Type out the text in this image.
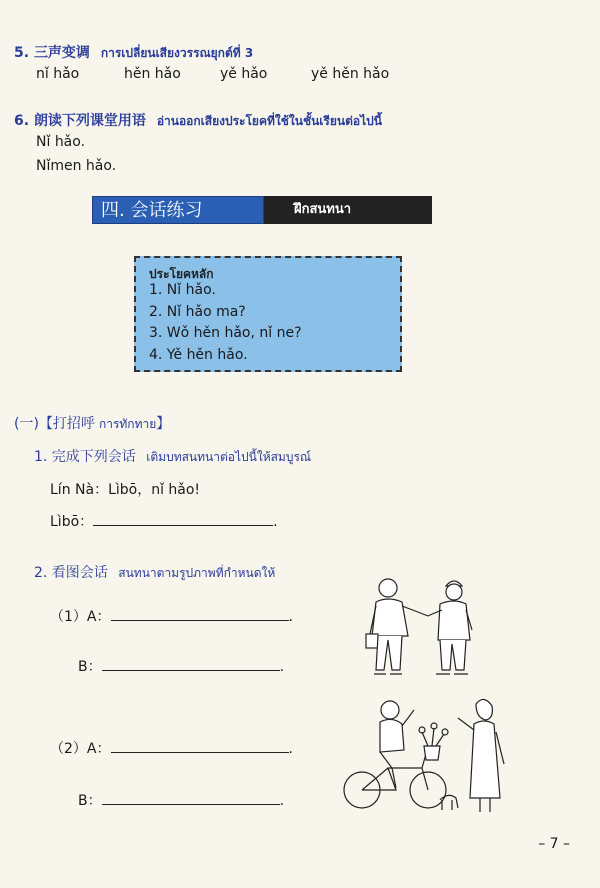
5. 三声变调 การเปลี่ยนเสียงวรรณยุกต์ที่ 3
nǐ hǎo	hěn hǎo	yě hǎo	yě hěn hǎo
6. 朗读下列课堂用语 อ่านออกเสียงประโยคที่ใช้ในชั้นเรียนต่อไปนี้
Nǐ hǎo.
Nǐmen hǎo.
四. 会话练习	ฝึกสนทนา
ประโยคหลัก
1. Nǐ hǎo.
2. Nǐ hǎo ma?
3. Wǒ hěn hǎo, nǐ ne?
4. Yě hěn hǎo.
(一)【打招呼 การทักทาย】
1. 完成下列会话 เติมบทสนทนาต่อไปนี้ให้สมบูรณ์
Lín Nà：Lìbō，nǐ hǎo!
Lìbō：	.
2. 看图会话 สนทนาตามรูปภาพที่กำหนดให้
（1）A：	.
B：	.
（2）A：	.
B：	.
– 7 –
